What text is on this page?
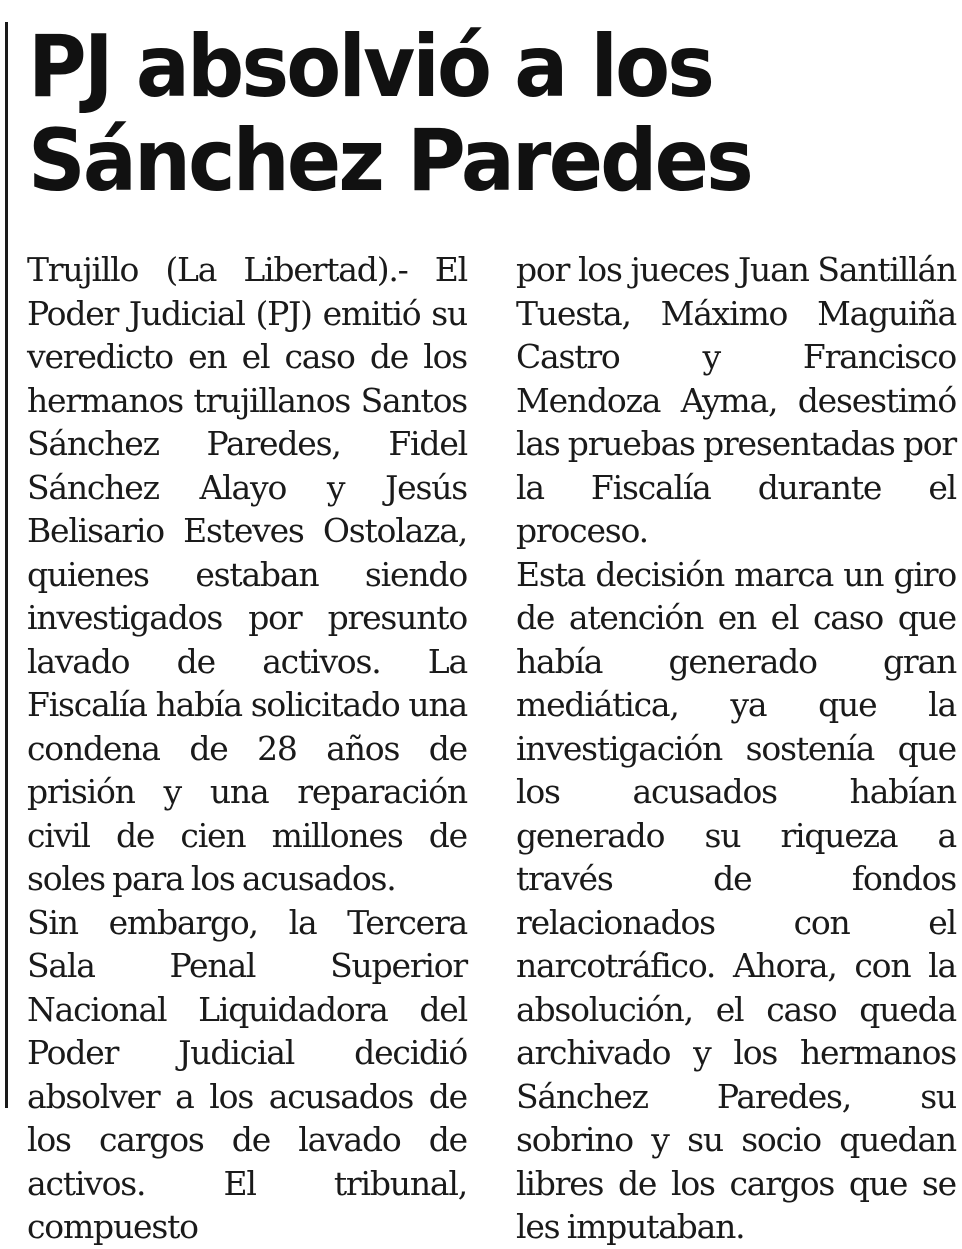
PJ absolvió a los
Sánchez Paredes

Trujillo (La Libertad).- El Poder Judicial (PJ) emitió su veredicto en el caso de los hermanos trujillanos Santos Sánchez Paredes, Fidel Sánchez Alayo y Jesús Belisario Esteves Ostolaza, quienes estaban siendo investigados por presunto lavado de activos. La Fiscalía había solicitado una condena de 28 años de prisión y una reparación civil de cien millones de soles para los acusados.

Sin embargo, la Tercera Sala Penal Superior Nacional Liquidadora del Poder Judicial decidió absolver a los acusados de los cargos de lavado de activos. El tribunal, compuesto

por los jueces Juan Santillán Tuesta, Máximo Maguiña Castro y Francisco Mendoza Ayma, desestimó las pruebas presentadas por la Fiscalía durante el proceso.

Esta decisión marca un giro de atención en el caso que había generado gran mediática, ya que la investigación sostenía que los acusados habían generado su riqueza a través de fondos relacionados con el narcotráfico. Ahora, con la absolución, el caso queda archivado y los hermanos Sánchez Paredes, su sobrino y su socio quedan libres de los cargos que se les imputaban.
